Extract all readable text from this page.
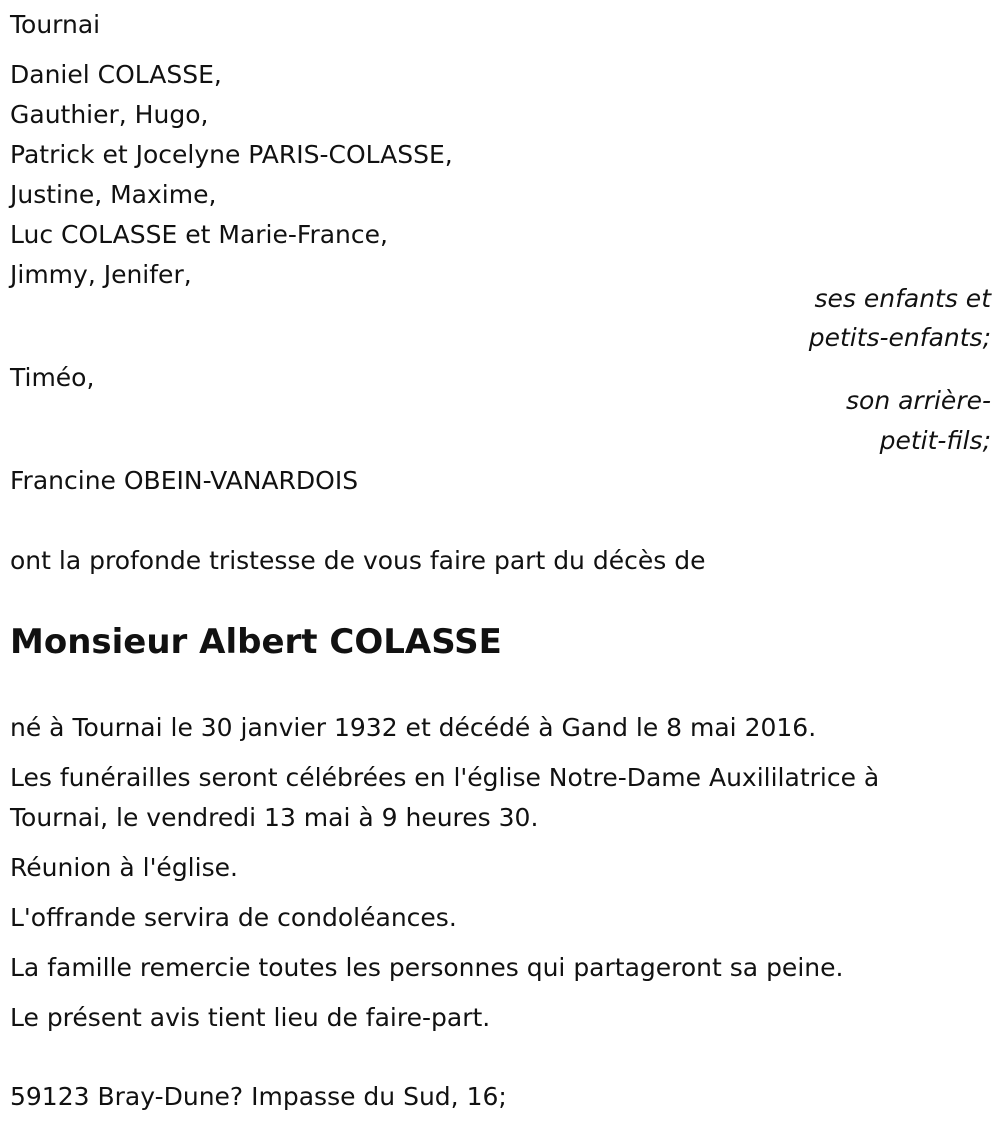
Tournai

Daniel COLASSE,

Gauthier, Hugo,

Patrick et Jocelyne PARIS-COLASSE,

Justine, Maxime,

Luc COLASSE et Marie-France,

Jimmy, Jenifer,

ses enfants et

petits-enfants;

Timéo,

son arrière-

petit-fils;

Francine OBEIN-VANARDOIS

ont la profonde tristesse de vous faire part du décès de

Monsieur Albert COLASSE

né à Tournai le 30 janvier 1932 et décédé à Gand le 8 mai 2016.

Les funérailles seront célébrées en l'église Notre-Dame Auxililatrice à

Tournai, le vendredi 13 mai à 9 heures 30.

Réunion à l'église.

L'offrande servira de condoléances.

La famille remercie toutes les personnes qui partageront sa peine.

Le présent avis tient lieu de faire-part.

59123 Bray-Dune? Impasse du Sud, 16;
